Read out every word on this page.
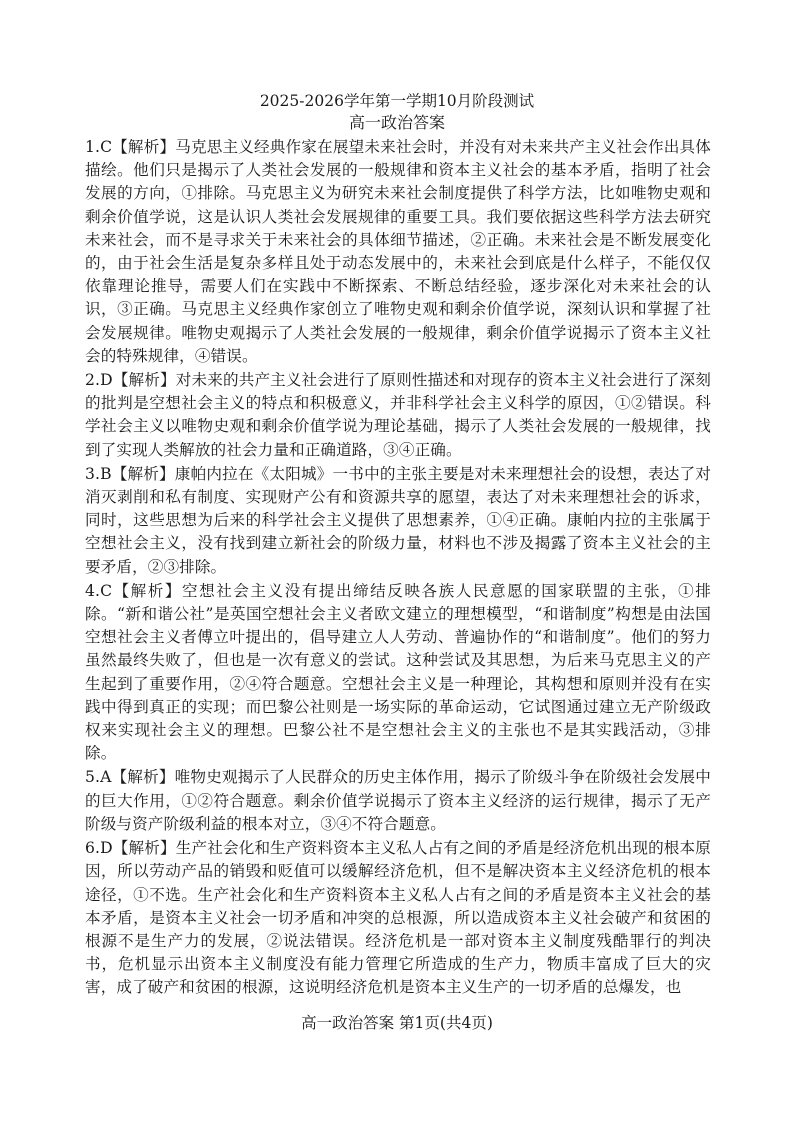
2025-2026学年第一学期10月阶段测试
高一政治答案

1.C【解析】马克思主义经典作家在展望未来社会时，并没有对未来共产主义社会作出具体描绘。他们只是揭示了人类社会发展的一般规律和资本主义社会的基本矛盾，指明了社会发展的方向，①排除。马克思主义为研究未来社会制度提供了科学方法，比如唯物史观和剩余价值学说，这是认识人类社会发展规律的重要工具。我们要依据这些科学方法去研究未来社会，而不是寻求关于未来社会的具体细节描述，②正确。未来社会是不断发展变化的，由于社会生活是复杂多样且处于动态发展中的，未来社会到底是什么样子，不能仅仅依靠理论推导，需要人们在实践中不断探索、不断总结经验，逐步深化对未来社会的认识，③正确。马克思主义经典作家创立了唯物史观和剩余价值学说，深刻认识和掌握了社会发展规律。唯物史观揭示了人类社会发展的一般规律，剩余价值学说揭示了资本主义社会的特殊规律，④错误。

2.D【解析】对未来的共产主义社会进行了原则性描述和对现存的资本主义社会进行了深刻的批判是空想社会主义的特点和积极意义，并非科学社会主义科学的原因，①②错误。科学社会主义以唯物史观和剩余价值学说为理论基础，揭示了人类社会发展的一般规律，找到了实现人类解放的社会力量和正确道路，③④正确。

3.B【解析】康帕内拉在《太阳城》一书中的主张主要是对未来理想社会的设想，表达了对消灭剥削和私有制度、实现财产公有和资源共享的愿望，表达了对未来理想社会的诉求，同时，这些思想为后来的科学社会主义提供了思想素养，①④正确。康帕内拉的主张属于空想社会主义，没有找到建立新社会的阶级力量，材料也不涉及揭露了资本主义社会的主要矛盾，②③排除。

4.C【解析】空想社会主义没有提出缔结反映各族人民意愿的国家联盟的主张，①排除。“新和谐公社”是英国空想社会主义者欧文建立的理想模型，“和谐制度”构想是由法国空想社会主义者傅立叶提出的，倡导建立人人劳动、普遍协作的“和谐制度”。他们的努力虽然最终失败了，但也是一次有意义的尝试。这种尝试及其思想，为后来马克思主义的产生起到了重要作用，②④符合题意。空想社会主义是一种理论，其构想和原则并没有在实践中得到真正的实现；而巴黎公社则是一场实际的革命运动，它试图通过建立无产阶级政权来实现社会主义的理想。巴黎公社不是空想社会主义的主张也不是其实践活动，③排除。

5.A【解析】唯物史观揭示了人民群众的历史主体作用，揭示了阶级斗争在阶级社会发展中的巨大作用，①②符合题意。剩余价值学说揭示了资本主义经济的运行规律，揭示了无产阶级与资产阶级利益的根本对立，③④不符合题意。

6.D【解析】生产社会化和生产资料资本主义私人占有之间的矛盾是经济危机出现的根本原因，所以劳动产品的销毁和贬值可以缓解经济危机，但不是解决资本主义经济危机的根本途径，①不选。生产社会化和生产资料资本主义私人占有之间的矛盾是资本主义社会的基本矛盾，是资本主义社会一切矛盾和冲突的总根源，所以造成资本主义社会破产和贫困的根源不是生产力的发展，②说法错误。经济危机是一部对资本主义制度残酷罪行的判决书，危机显示出资本主义制度没有能力管理它所造成的生产力，物质丰富成了巨大的灾害，成了破产和贫困的根源，这说明经济危机是资本主义生产的一切矛盾的总爆发，也

高一政治答案 第1页(共4页)
